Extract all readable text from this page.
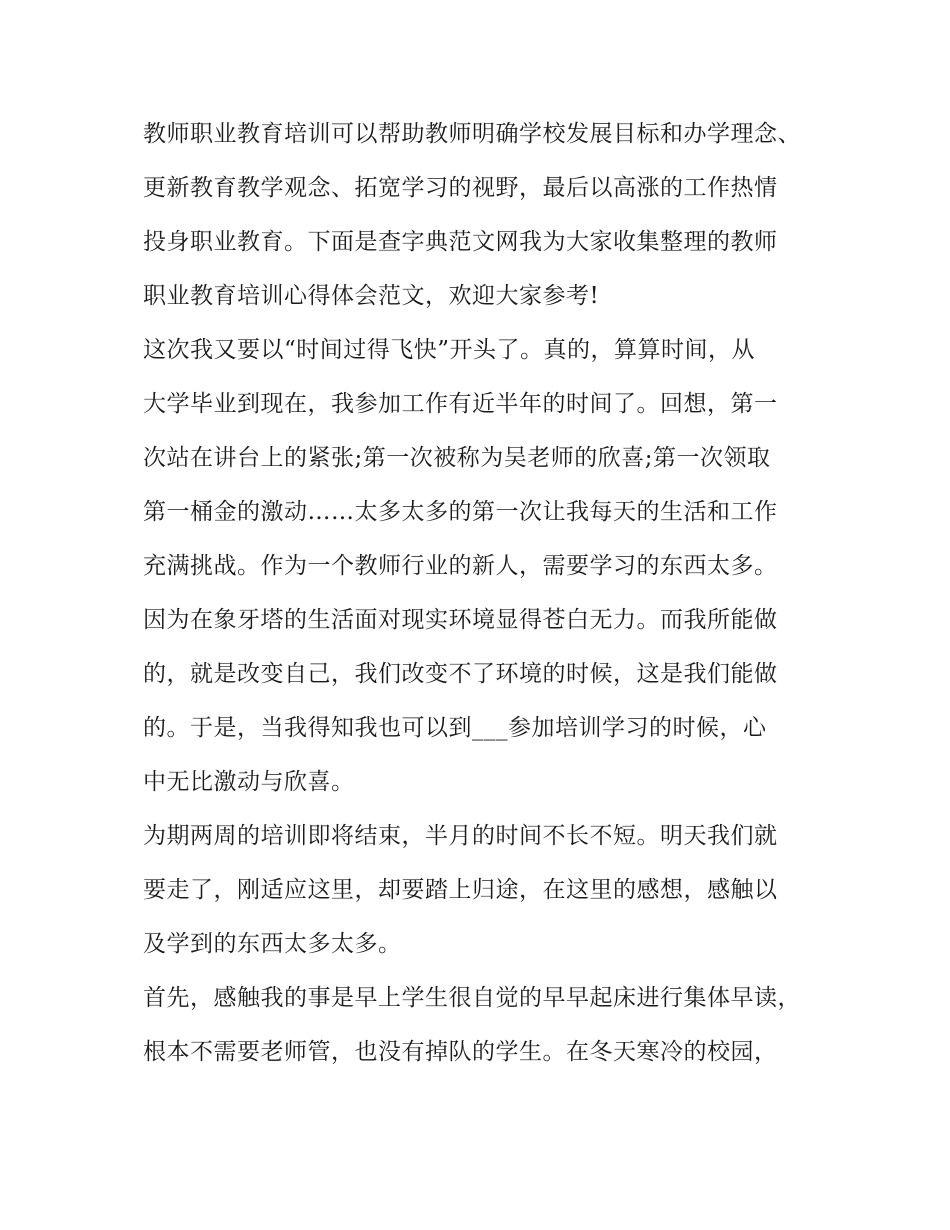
教师职业教育培训可以帮助教师明确学校发展目标和办学理念、
更新教育教学观念、拓宽学习的视野，最后以高涨的工作热情
投身职业教育。下面是查字典范文网我为大家收集整理的教师
职业教育培训心得体会范文，欢迎大家参考!
这次我又要以“时间过得飞快”开头了。真的，算算时间，从
大学毕业到现在，我参加工作有近半年的时间了。回想，第一
次站在讲台上的紧张;第一次被称为吴老师的欣喜;第一次领取
第一桶金的激动……太多太多的第一次让我每天的生活和工作
充满挑战。作为一个教师行业的新人，需要学习的东西太多。
因为在象牙塔的生活面对现实环境显得苍白无力。而我所能做
的，就是改变自己，我们改变不了环境的时候，这是我们能做
的。于是，当我得知我也可以到___参加培训学习的时候，心
中无比激动与欣喜。
为期两周的培训即将结束，半月的时间不长不短。明天我们就
要走了，刚适应这里，却要踏上归途，在这里的感想，感触以
及学到的东西太多太多。
首先，感触我的事是早上学生很自觉的早早起床进行集体早读，
根本不需要老师管，也没有掉队的学生。在冬天寒冷的校园，
